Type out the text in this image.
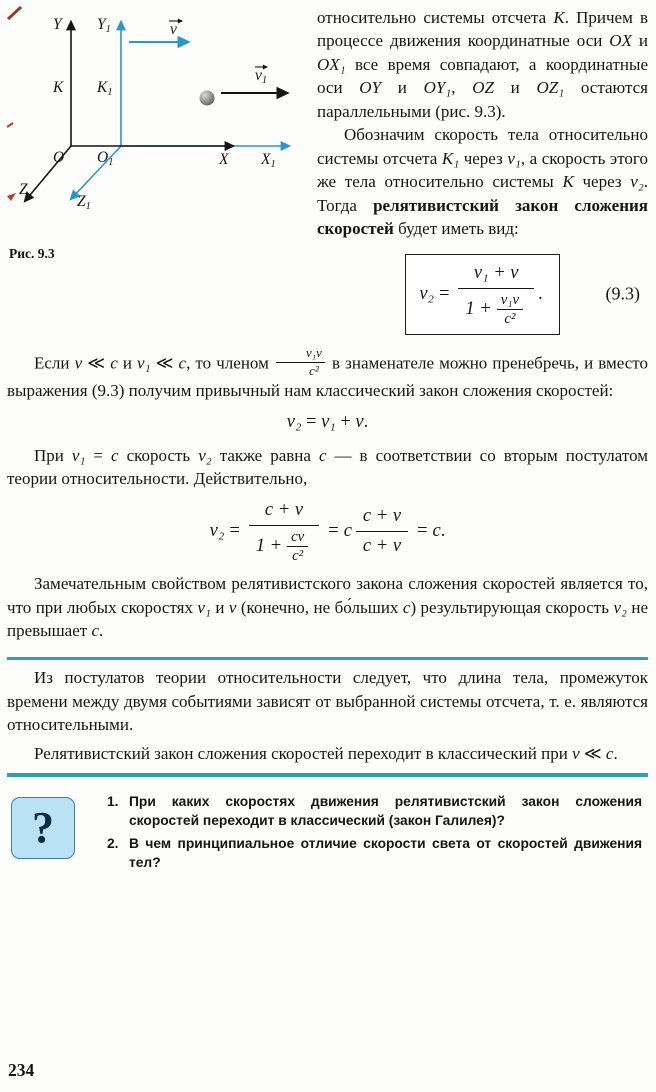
v
v1
Y Y1
K K1
O O1	X X1
Z
Z1
Рис. 9.3

относительно системы отсчета K. Причем в процессе движения координатные оси OX и OX₁ все время совпадают, а координатные оси OY и OY₁, OZ и OZ₁ остаются параллельными (рис. 9.3).

Обозначим скорость тела относительно системы отсчета K₁ через v₁, а скорость этого же тела относительно системы K через v₂. Тогда релятивистский закон сложения скоростей будет иметь вид:

$v_2 = \frac{\text{v₁ + v}}{1 + \frac{\text{v₁v}}{\text{c²}}}$ .	(9.3)

Если v ≪ c и v₁ ≪ c, то членом $\frac{\text{v₁v}}{\text{c²}}$ в знаменателе можно пренебречь, и вместо выражения (9.3) получим привычный нам классический закон сложения скоростей:

v₂ = v₁ + v.

При v₁ = c скорость v₂ также равна c — в соответствии со вторым постулатом теории относительности. Действительно,

$v_2 = \frac{c + v}{1 + \frac{cv}{\text{c²}}} = c \frac{c + v}{c + v} = c$.

Замечательным свойством релятивистского закона сложения скоростей является то, что при любых скоростях v₁ и v (конечно, не бо́льших c) результирующая скорость v₂ не превышает c.

Из постулатов теории относительности следует, что длина тела, промежуток времени между двумя событиями зависят от выбранной системы отсчета, т. е. являются относительными.

Релятивистский закон сложения скоростей переходит в классический при v ≪ c.

?
1. При каких скоростях движения релятивистский закон сложения скоростей переходит в классический (закон Галилея)?
2. В чем принципиальное отличие скорости света от скоростей движения тел?
234
